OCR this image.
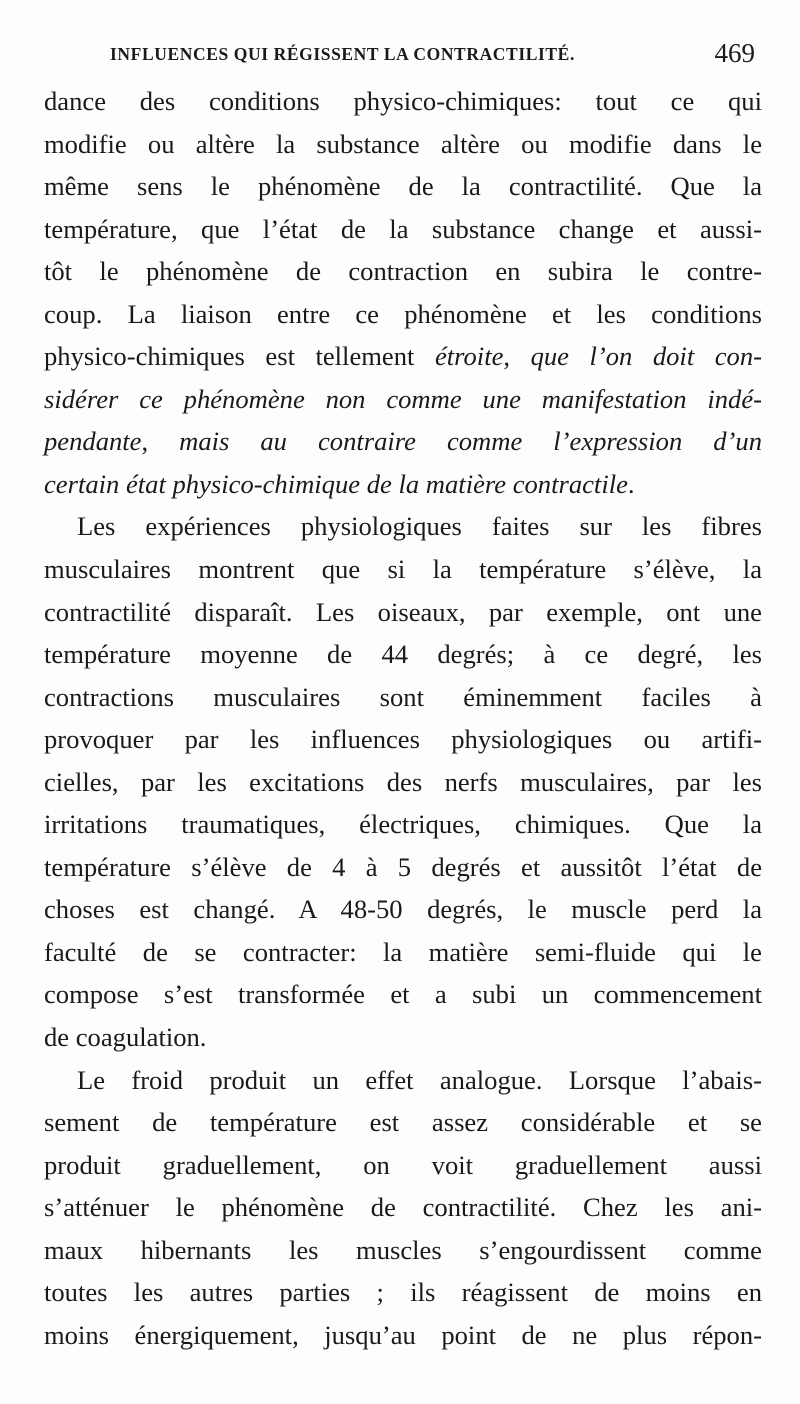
INFLUENCES QUI RÉGISSENT LA CONTRACTILITÉ.	469
dance des conditions physico-chimiques: tout ce qui
modifie ou altère la substance altère ou modifie dans le
même sens le phénomène de la contractilité. Que la
température, que l’état de la substance change et aussi-
tôt le phénomène de contraction en subira le contre-
coup. La liaison entre ce phénomène et les conditions
physico-chimiques est tellement étroite, que l’on doit con-
sidérer ce phénomène non comme une manifestation indé-
pendante, mais au contraire comme l’expression d’un
certain état physico-chimique de la matière contractile.
Les expériences physiologiques faites sur les fibres
musculaires montrent que si la température s’élève, la
contractilité disparaît. Les oiseaux, par exemple, ont une
température moyenne de 44 degrés; à ce degré, les
contractions musculaires sont éminemment faciles à
provoquer par les influences physiologiques ou artifi-
cielles, par les excitations des nerfs musculaires, par les
irritations traumatiques, électriques, chimiques. Que la
température s’élève de 4 à 5 degrés et aussitôt l’état de
choses est changé. A 48-50 degrés, le muscle perd la
faculté de se contracter: la matière semi-fluide qui le
compose s’est transformée et a subi un commencement
de coagulation.
Le froid produit un effet analogue. Lorsque l’abais-
sement de température est assez considérable et se
produit graduellement, on voit graduellement aussi
s’atténuer le phénomène de contractilité. Chez les ani-
maux hibernants les muscles s’engourdissent comme
toutes les autres parties ; ils réagissent de moins en
moins énergiquement, jusqu’au point de ne plus répon-
